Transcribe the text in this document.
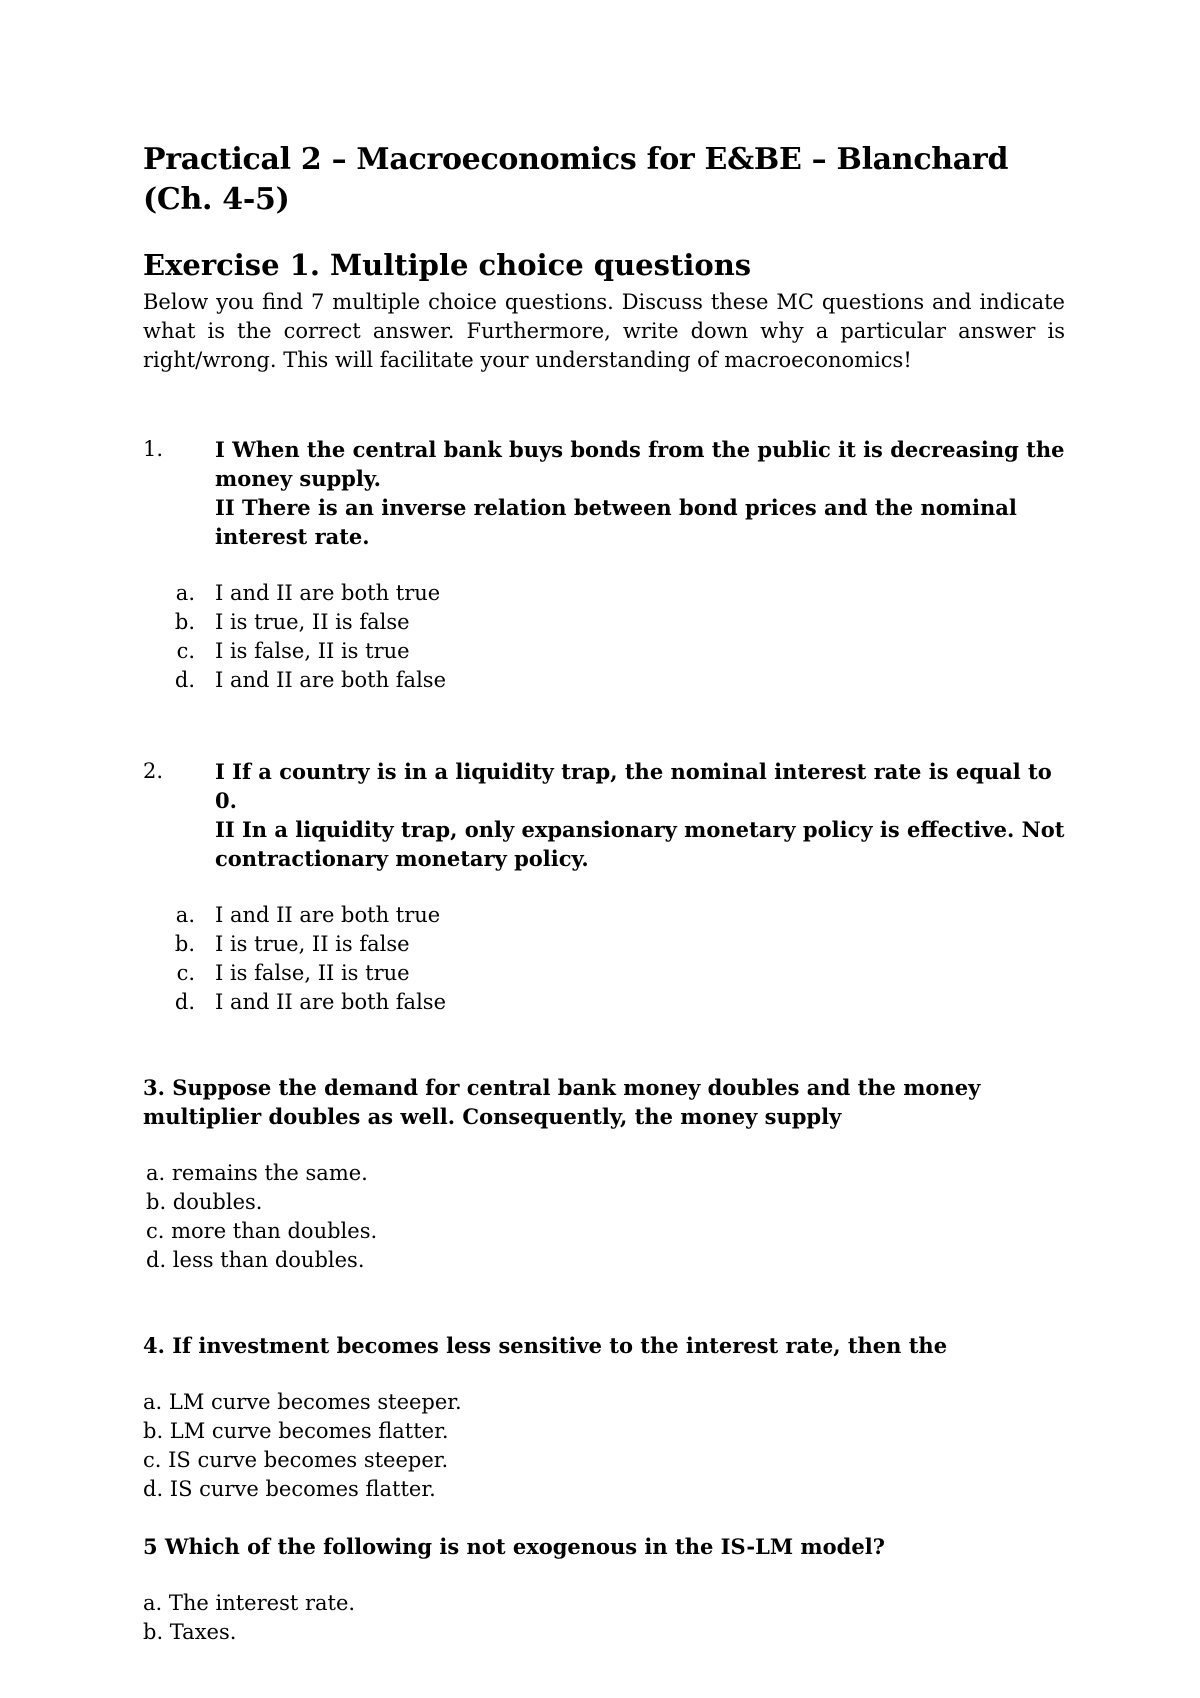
Practical 2 – Macroeconomics for E&BE – Blanchard (Ch. 4-5)
Exercise 1. Multiple choice questions

Below you find 7 multiple choice questions. Discuss these MC questions and indicate what is the correct answer. Furthermore, write down why a particular answer is right/wrong. This will facilitate your understanding of macroeconomics!

1.	I When the central bank buys bonds from the public it is decreasing the money supply.
II There is an inverse relation between bond prices and the nominal interest rate.
a. I and II are both true
b. I is true, II is false
c. I is false, II is true
d. I and II are both false
2.	I If a country is in a liquidity trap, the nominal interest rate is equal to 0.
II In a liquidity trap, only expansionary monetary policy is effective. Not contractionary monetary policy.
a. I and II are both true
b. I is true, II is false
c. I is false, II is true
d. I and II are both false
3. Suppose the demand for central bank money doubles and the money multiplier doubles as well. Consequently, the money supply
a. remains the same.
b. doubles.
c. more than doubles.
d. less than doubles.
4. If investment becomes less sensitive to the interest rate, then the
a. LM curve becomes steeper.
b. LM curve becomes flatter.
c. IS curve becomes steeper.
d. IS curve becomes flatter.
5 Which of the following is not exogenous in the IS-LM model?
a. The interest rate.
b. Taxes.
